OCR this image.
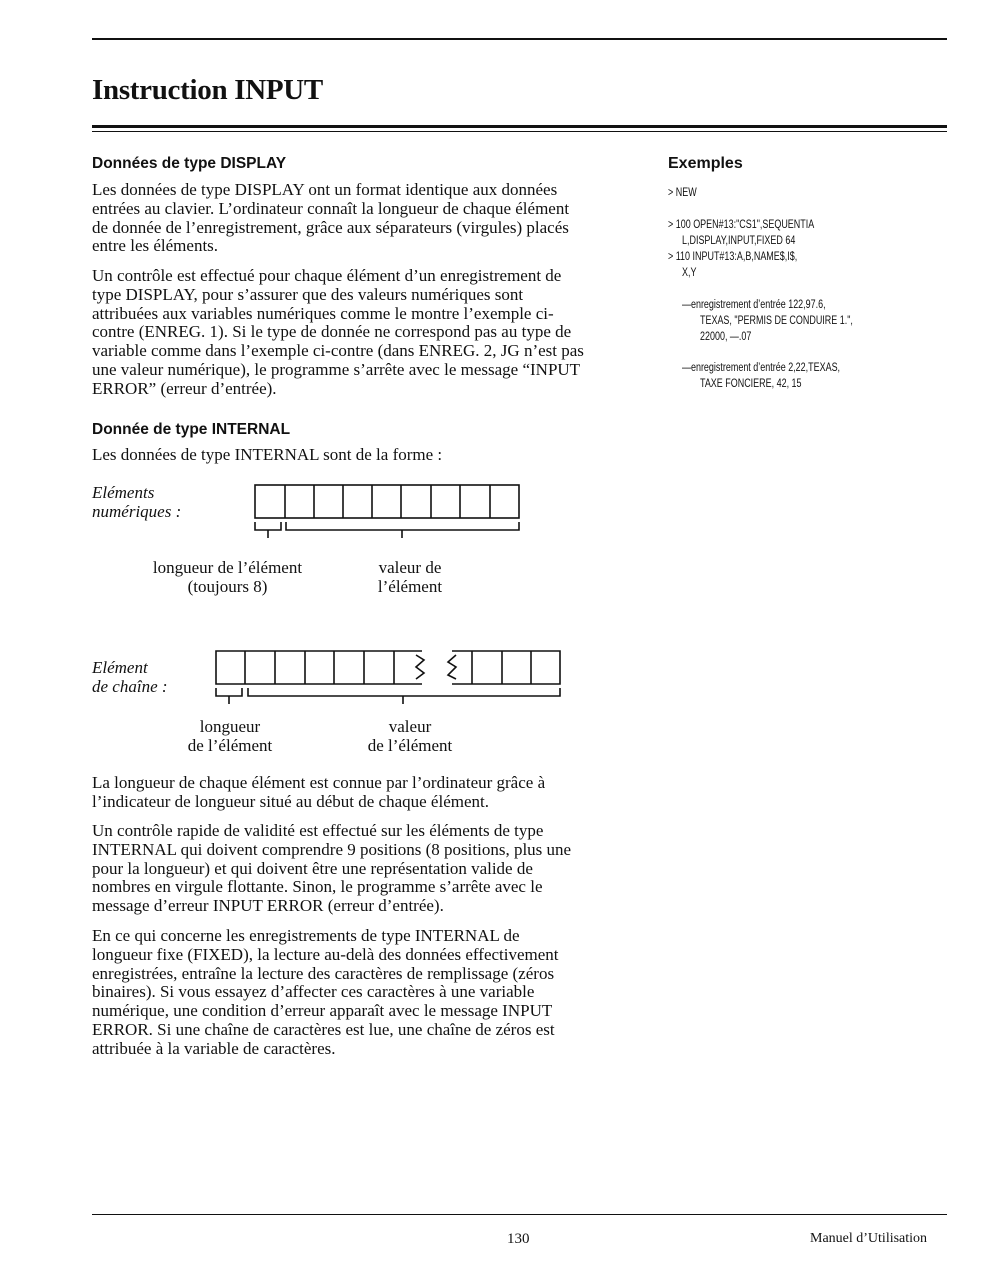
Instruction INPUT
Données de type DISPLAY

Les données de type DISPLAY ont un format identique aux données

entrées au clavier. L’ordinateur connaît la longueur de chaque élément

de donnée de l’enregistrement, grâce aux séparateurs (virgules) placés

entre les éléments.

Un contrôle est effectué pour chaque élément d’un enregistrement de

type DISPLAY, pour s’assurer que des valeurs numériques sont

attribuées aux variables numériques comme le montre l’exemple ci-

contre (ENREG. 1). Si le type de donnée ne correspond pas au type de

variable comme dans l’exemple ci-contre (dans ENREG. 2, JG n’est pas

une valeur numérique), le programme s’arrête avec le message “INPUT

ERROR” (erreur d’entrée).

Exemples
> NEW
> 100 OPEN#13:"CS1",SEQUENTIA
L,DISPLAY,INPUT,FIXED 64
> 110 INPUT#13:A,B,NAME$,I$,
X,Y
—enregistrement d’entrée 122,97.6,
TEXAS, "PERMIS DE CONDUIRE 1.",
22000, —.07
—enregistrement d’entrée 2,22,TEXAS,
TAXE FONCIERE, 42, 15
Donnée de type INTERNAL
Les données de type INTERNAL sont de la forme :
Eléments
numériques :
longueur de l’élément
(toujours 8)
valeur de
l’élément
Elément
de chaîne :
longueur
de l’élément
valeur
de l’élément

La longueur de chaque élément est connue par l’ordinateur grâce à

l’indicateur de longueur situé au début de chaque élément.

Un contrôle rapide de validité est effectué sur les éléments de type

INTERNAL qui doivent comprendre 9 positions (8 positions, plus une

pour la longueur) et qui doivent être une représentation valide de

nombres en virgule flottante. Sinon, le programme s’arrête avec le

message d’erreur INPUT ERROR (erreur d’entrée).

En ce qui concerne les enregistrements de type INTERNAL de

longueur fixe (FIXED), la lecture au-delà des données effectivement

enregistrées, entraîne la lecture des caractères de remplissage (zéros

binaires). Si vous essayez d’affecter ces caractères à une variable

numérique, une condition d’erreur apparaît avec le message INPUT

ERROR. Si une chaîne de caractères est lue, une chaîne de zéros est

attribuée à la variable de caractères.

130	Manuel d’Utilisation
